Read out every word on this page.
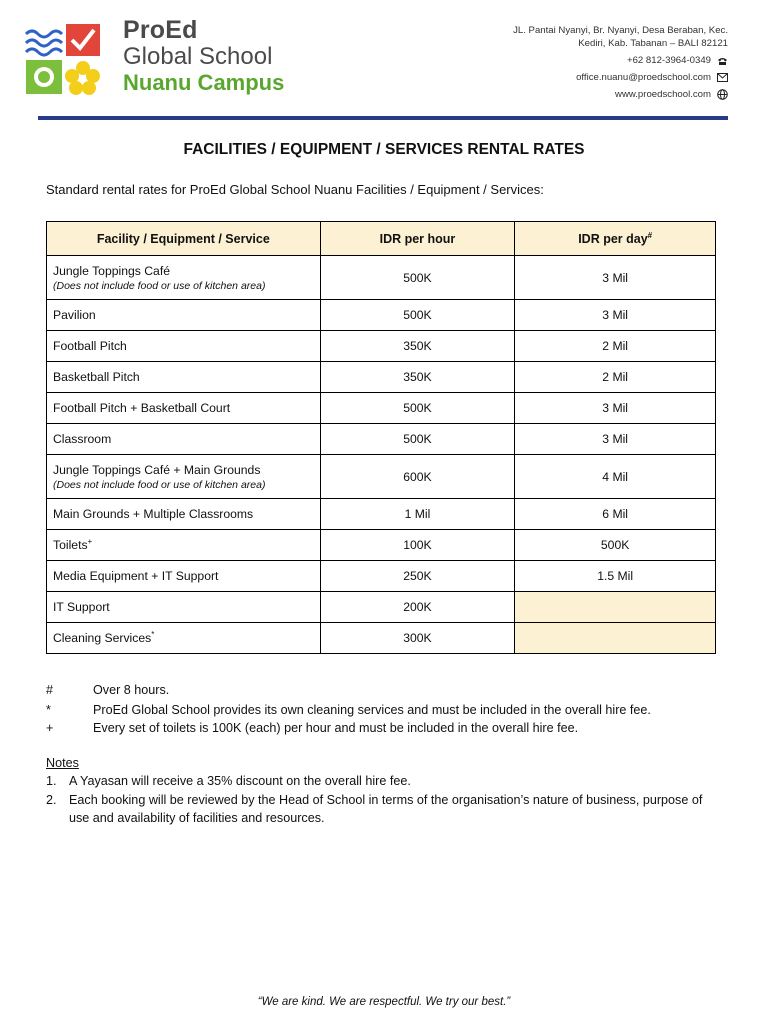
ProEd
Global School
Nuanu Campus
JL. Pantai Nyanyi, Br. Nyanyi, Desa Beraban, Kec.
Kediri, Kab. Tabanan – BALI 82121
+62 812-3964-0349
office.nuanu@proedschool.com
www.proedschool.com
FACILITIES / EQUIPMENT / SERVICES RENTAL RATES
Standard rental rates for ProEd Global School Nuanu Facilities / Equipment / Services:
Facility / Equipment / Service	IDR per hour	IDR per day#
Jungle Toppings Café
(Does not include food or use of kitchen area)	500K	3 Mil
Pavilion	500K	3 Mil
Football Pitch	350K	2 Mil
Basketball Pitch	350K	2 Mil
Football Pitch + Basketball Court	500K	3 Mil
Classroom	500K	3 Mil
Jungle Toppings Café + Main Grounds
(Does not include food or use of kitchen area)	600K	4 Mil
Main Grounds + Multiple Classrooms	1 Mil	6 Mil
Toilets+	100K	500K
Media Equipment + IT Support	250K	1.5 Mil
IT Support	200K	
Cleaning Services*	300K	
#	Over 8 hours.
*	ProEd Global School provides its own cleaning services and must be included in the overall hire fee.
+	Every set of toilets is 100K (each) per hour and must be included in the overall hire fee.
Notes
1. A Yayasan will receive a 35% discount on the overall hire fee.
2. Each booking will be reviewed by the Head of School in terms of the organisation’s nature of business, purpose of use and availability of facilities and resources.
“We are kind. We are respectful. We try our best.”
